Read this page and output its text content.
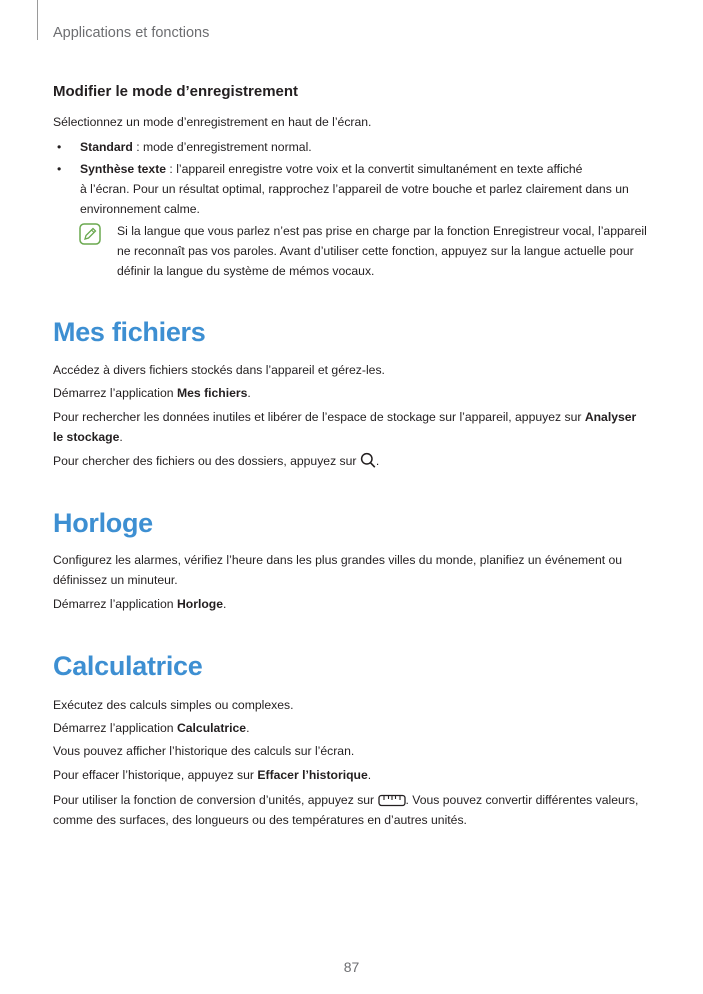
Applications et fonctions
Modifier le mode d’enregistrement
Sélectionnez un mode d’enregistrement en haut de l’écran.
• Standard : mode d’enregistrement normal.
• Synthèse texte : l’appareil enregistre votre voix et la convertit simultanément en texte affiché
à l’écran. Pour un résultat optimal, rapprochez l’appareil de votre bouche et parlez clairement dans un environnement calme.
Si la langue que vous parlez n’est pas prise en charge par la fonction Enregistreur vocal, l’appareil ne reconnaît pas vos paroles. Avant d’utiliser cette fonction, appuyez sur la langue actuelle pour définir la langue du système de mémos vocaux.
Mes fichiers
Accédez à divers fichiers stockés dans l’appareil et gérez-les.
Démarrez l’application Mes fichiers.
Pour rechercher les données inutiles et libérer de l’espace de stockage sur l’appareil, appuyez sur Analyser le stockage.
Pour chercher des fichiers ou des dossiers, appuyez sur .
Horloge
Configurez les alarmes, vérifiez l’heure dans les plus grandes villes du monde, planifiez un événement ou définissez un minuteur.
Démarrez l’application Horloge.
Calculatrice
Exécutez des calculs simples ou complexes.
Démarrez l’application Calculatrice.
Vous pouvez afficher l’historique des calculs sur l’écran.
Pour effacer l’historique, appuyez sur Effacer l’historique.
Pour utiliser la fonction de conversion d’unités, appuyez sur . Vous pouvez convertir différentes valeurs, comme des surfaces, des longueurs ou des températures en d’autres unités.
87
